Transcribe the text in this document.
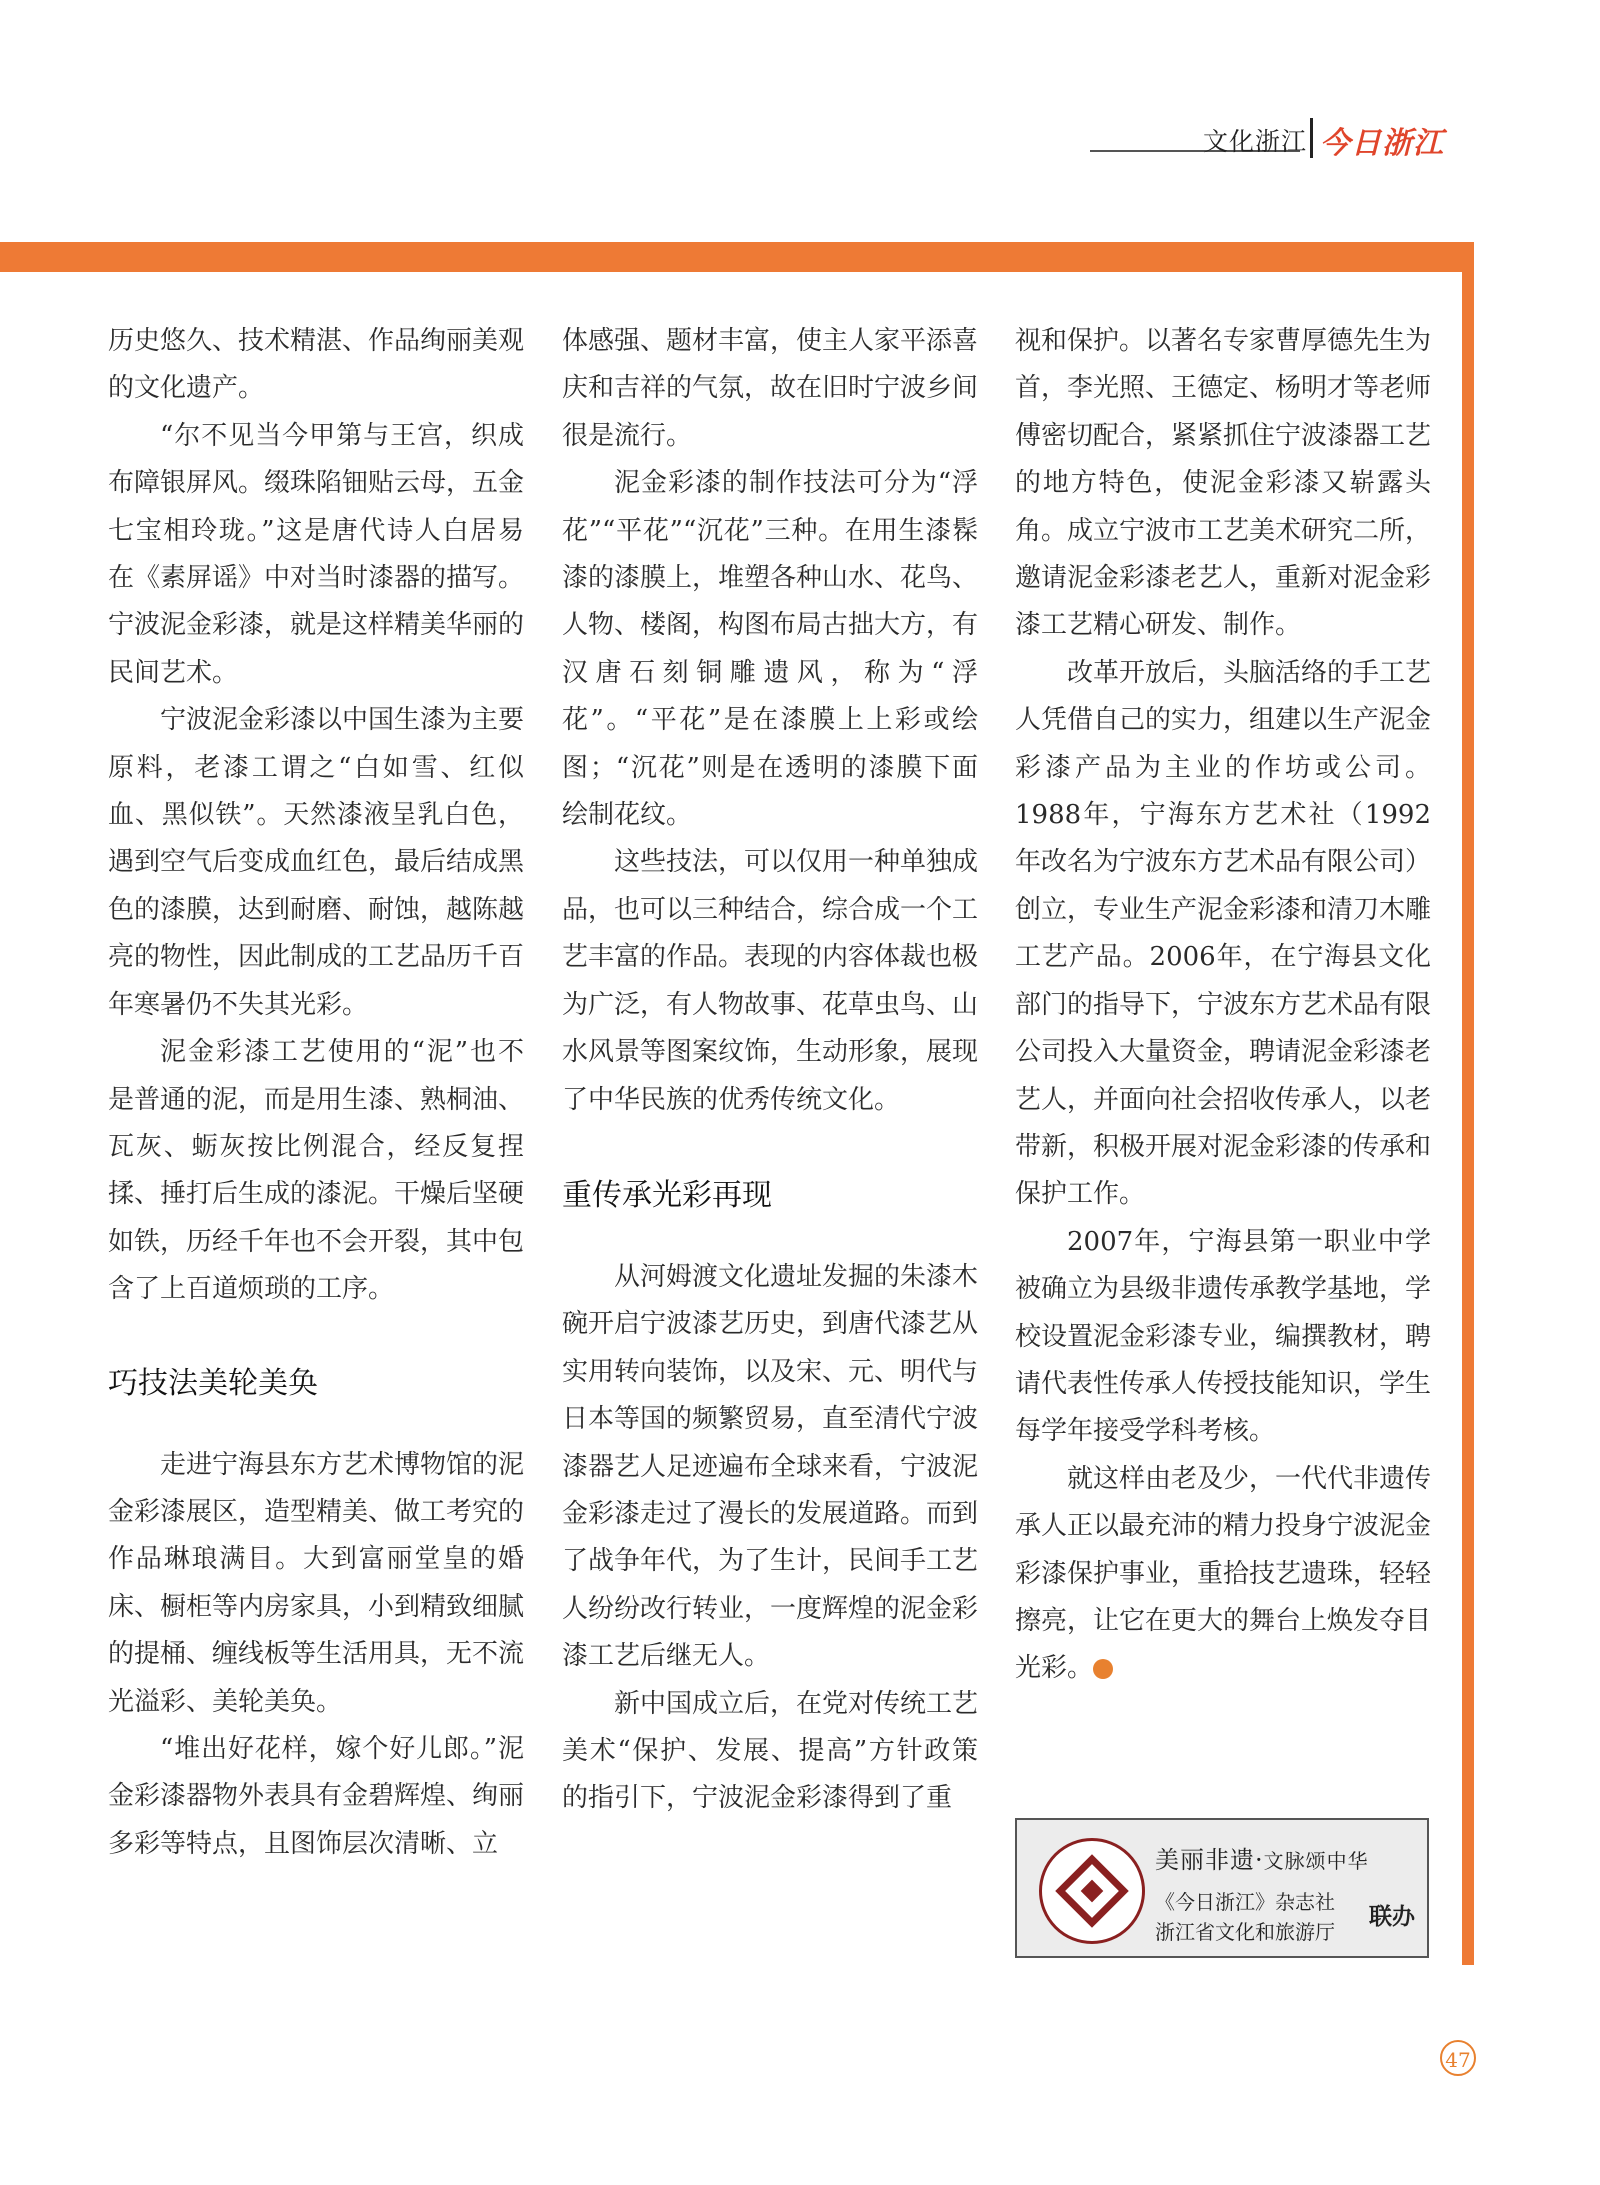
文化浙江 今日浙江

历史悠久、技术精湛、作品绚丽美观的文化遗产。

“尔不见当今甲第与王宫，织成布障银屏风。缀珠陷钿贴云母，五金七宝相玲珑。”这是唐代诗人白居易在《素屏谣》中对当时漆器的描写。宁波泥金彩漆，就是这样精美华丽的民间艺术。

宁波泥金彩漆以中国生漆为主要原料，老漆工谓之“白如雪、红似血、黑似铁”。天然漆液呈乳白色，遇到空气后变成血红色，最后结成黑色的漆膜，达到耐磨、耐蚀，越陈越亮的物性，因此制成的工艺品历千百年寒暑仍不失其光彩。

泥金彩漆工艺使用的“泥”也不是普通的泥，而是用生漆、熟桐油、瓦灰、蛎灰按比例混合，经反复捏揉、捶打后生成的漆泥。干燥后坚硬如铁，历经千年也不会开裂，其中包含了上百道烦琐的工序。

巧技法美轮美奂

走进宁海县东方艺术博物馆的泥金彩漆展区，造型精美、做工考究的作品琳琅满目。大到富丽堂皇的婚床、橱柜等内房家具，小到精致细腻的提桶、缠线板等生活用具，无不流光溢彩、美轮美奂。

“堆出好花样，嫁个好儿郎。”泥金彩漆器物外表具有金碧辉煌、绚丽多彩等特点，且图饰层次清晰、立

体感强、题材丰富，使主人家平添喜庆和吉祥的气氛，故在旧时宁波乡间很是流行。

泥金彩漆的制作技法可分为“浮花”“平花”“沉花”三种。在用生漆髹漆的漆膜上，堆塑各种山水、花鸟、人物、楼阁，构图布局古拙大方，有汉唐石刻铜雕遗风，称为“浮花”。“平花”是在漆膜上上彩或绘图；“沉花”则是在透明的漆膜下面绘制花纹。

这些技法，可以仅用一种单独成品，也可以三种结合，综合成一个工艺丰富的作品。表现的内容体裁也极为广泛，有人物故事、花草虫鸟、山水风景等图案纹饰，生动形象，展现了中华民族的优秀传统文化。

重传承光彩再现

从河姆渡文化遗址发掘的朱漆木碗开启宁波漆艺历史，到唐代漆艺从实用转向装饰，以及宋、元、明代与日本等国的频繁贸易，直至清代宁波漆器艺人足迹遍布全球来看，宁波泥金彩漆走过了漫长的发展道路。而到了战争年代，为了生计，民间手工艺人纷纷改行转业，一度辉煌的泥金彩漆工艺后继无人。

新中国成立后，在党对传统工艺美术“保护、发展、提高”方针政策的指引下，宁波泥金彩漆得到了重

视和保护。以著名专家曹厚德先生为首，李光照、王德定、杨明才等老师傅密切配合，紧紧抓住宁波漆器工艺的地方特色，使泥金彩漆又崭露头角。成立宁波市工艺美术研究二所，邀请泥金彩漆老艺人，重新对泥金彩漆工艺精心研发、制作。

改革开放后，头脑活络的手工艺人凭借自己的实力，组建以生产泥金彩漆产品为主业的作坊或公司。1988年，宁海东方艺术社（1992年改名为宁波东方艺术品有限公司）创立，专业生产泥金彩漆和清刀木雕工艺产品。2006年，在宁海县文化部门的指导下，宁波东方艺术品有限公司投入大量资金，聘请泥金彩漆老艺人，并面向社会招收传承人，以老带新，积极开展对泥金彩漆的传承和保护工作。

2007年，宁海县第一职业中学被确立为县级非遗传承教学基地，学校设置泥金彩漆专业，编撰教材，聘请代表性传承人传授技能知识，学生每学年接受学科考核。

就这样由老及少，一代代非遗传承人正以最充沛的精力投身宁波泥金彩漆保护事业，重拾技艺遗珠，轻轻擦亮，让它在更大的舞台上焕发夺目光彩。	今

美丽非遗·文脉颂中华
《今日浙江》杂志社
浙江省文化和旅游厅
联办
47
